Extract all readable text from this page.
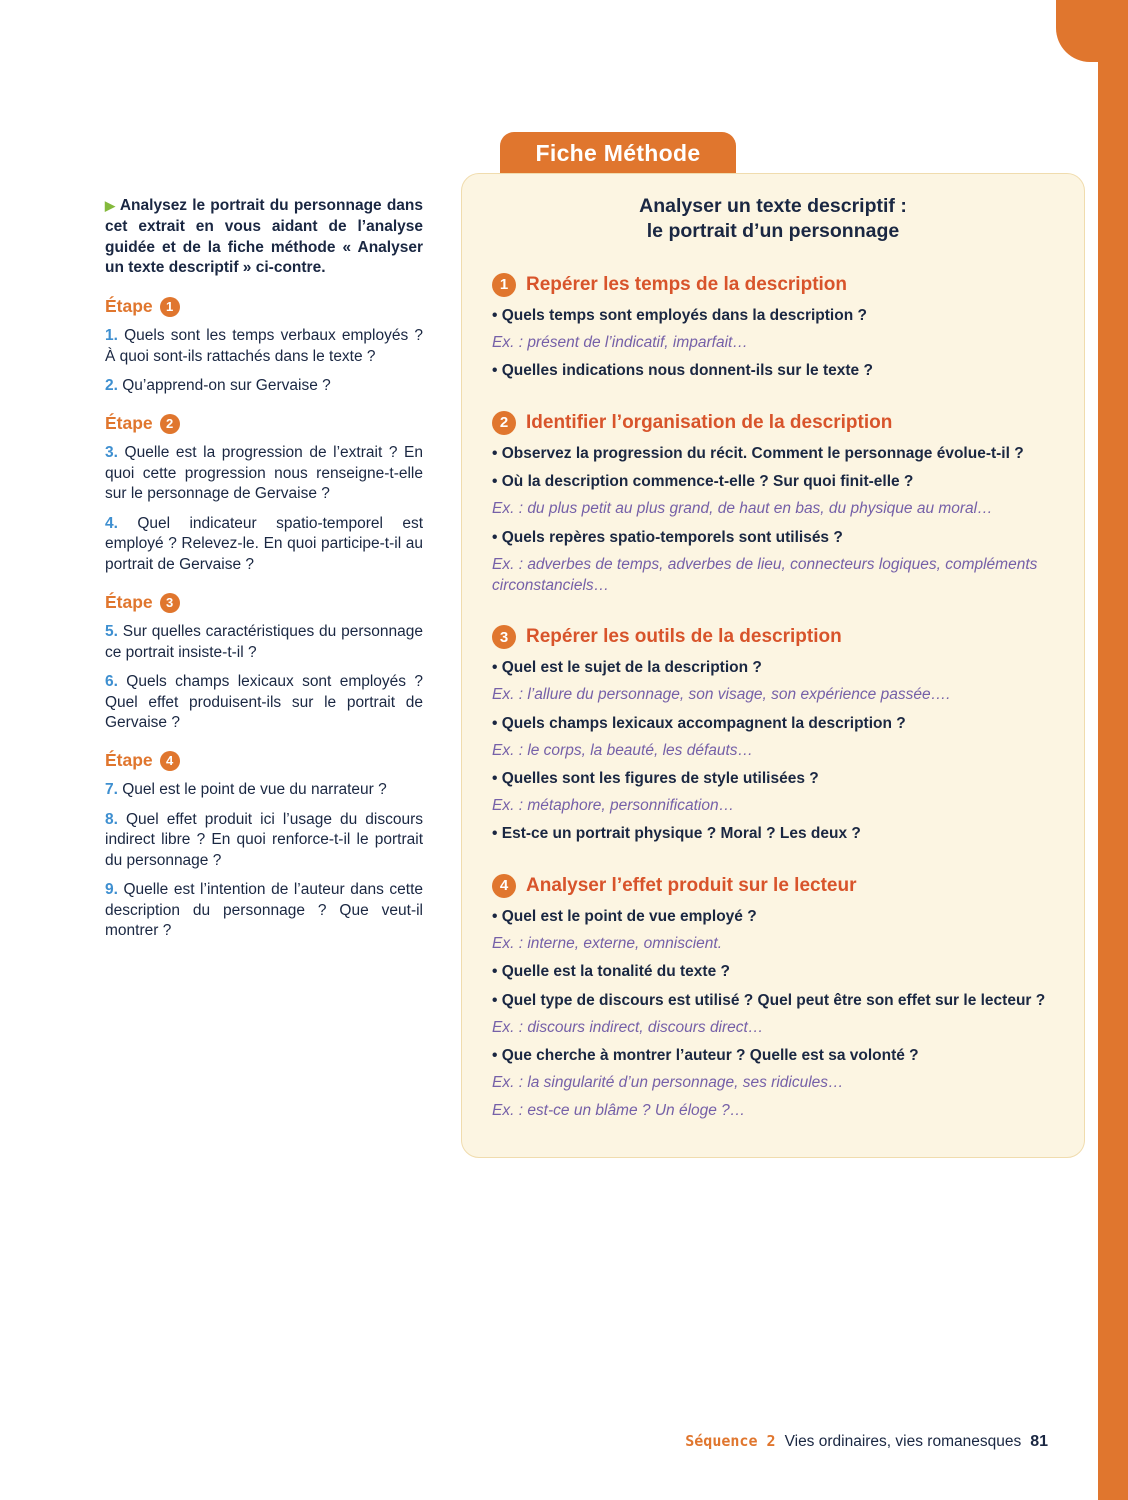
▶ Analysez le portrait du personnage dans cet extrait en vous aidant de l’analyse guidée et de la fiche méthode « Analyser un texte descriptif » ci-contre.

Étape	1

1. Quels sont les temps verbaux employés ? À quoi sont-ils rattachés dans le texte ?

2. Qu’apprend-on sur Gervaise ?

Étape	2

3. Quelle est la progression de l’extrait ? En quoi cette progression nous renseigne-t-elle sur le personnage de Gervaise ?

4. Quel indicateur spatio-temporel est employé ? Relevez-le. En quoi participe-t-il au portrait de Gervaise ?

Étape	3

5. Sur quelles caractéristiques du personnage ce portrait insiste-t-il ?

6. Quels champs lexicaux sont employés ? Quel effet produisent-ils sur le portrait de Gervaise ?

Étape	4

7. Quel est le point de vue du narrateur ?

8. Quel effet produit ici l’usage du discours indirect libre ? En quoi renforce-t-il le portrait du personnage ?

9. Quelle est l’intention de l’auteur dans cette description du personnage ? Que veut-il montrer ?

Fiche Méthode
Analyser un texte descriptif :
le portrait d’un personnage
1 Repérer les temps de la description

• Quels temps sont employés dans la description ?

Ex. : présent de l’indicatif, imparfait…

• Quelles indications nous donnent-ils sur le texte ?

2 Identifier l’organisation de la description

• Observez la progression du récit. Comment le personnage évolue-t-il ?

• Où la description commence-t-elle ? Sur quoi finit-elle ?

Ex. : du plus petit au plus grand, de haut en bas, du physique au moral…

• Quels repères spatio-temporels sont utilisés ?

Ex. : adverbes de temps, adverbes de lieu, connecteurs logiques, compléments circonstanciels…

3 Repérer les outils de la description

• Quel est le sujet de la description ?

Ex. : l’allure du personnage, son visage, son expérience passée….

• Quels champs lexicaux accompagnent la description ?

Ex. : le corps, la beauté, les défauts…

• Quelles sont les figures de style utilisées ?

Ex. : métaphore, personnification…

• Est-ce un portrait physique ? Moral ? Les deux ?

4 Analyser l’effet produit sur le lecteur

• Quel est le point de vue employé ?

Ex. : interne, externe, omniscient.

• Quelle est la tonalité du texte ?

• Quel type de discours est utilisé ? Quel peut être son effet sur le lecteur ?

Ex. : discours indirect, discours direct…

• Que cherche à montrer l’auteur ? Quelle est sa volonté ?

Ex. : la singularité d’un personnage, ses ridicules…

Ex. : est-ce un blâme ? Un éloge ?…

Séquence 2 Vies ordinaires, vies romanesques 81
